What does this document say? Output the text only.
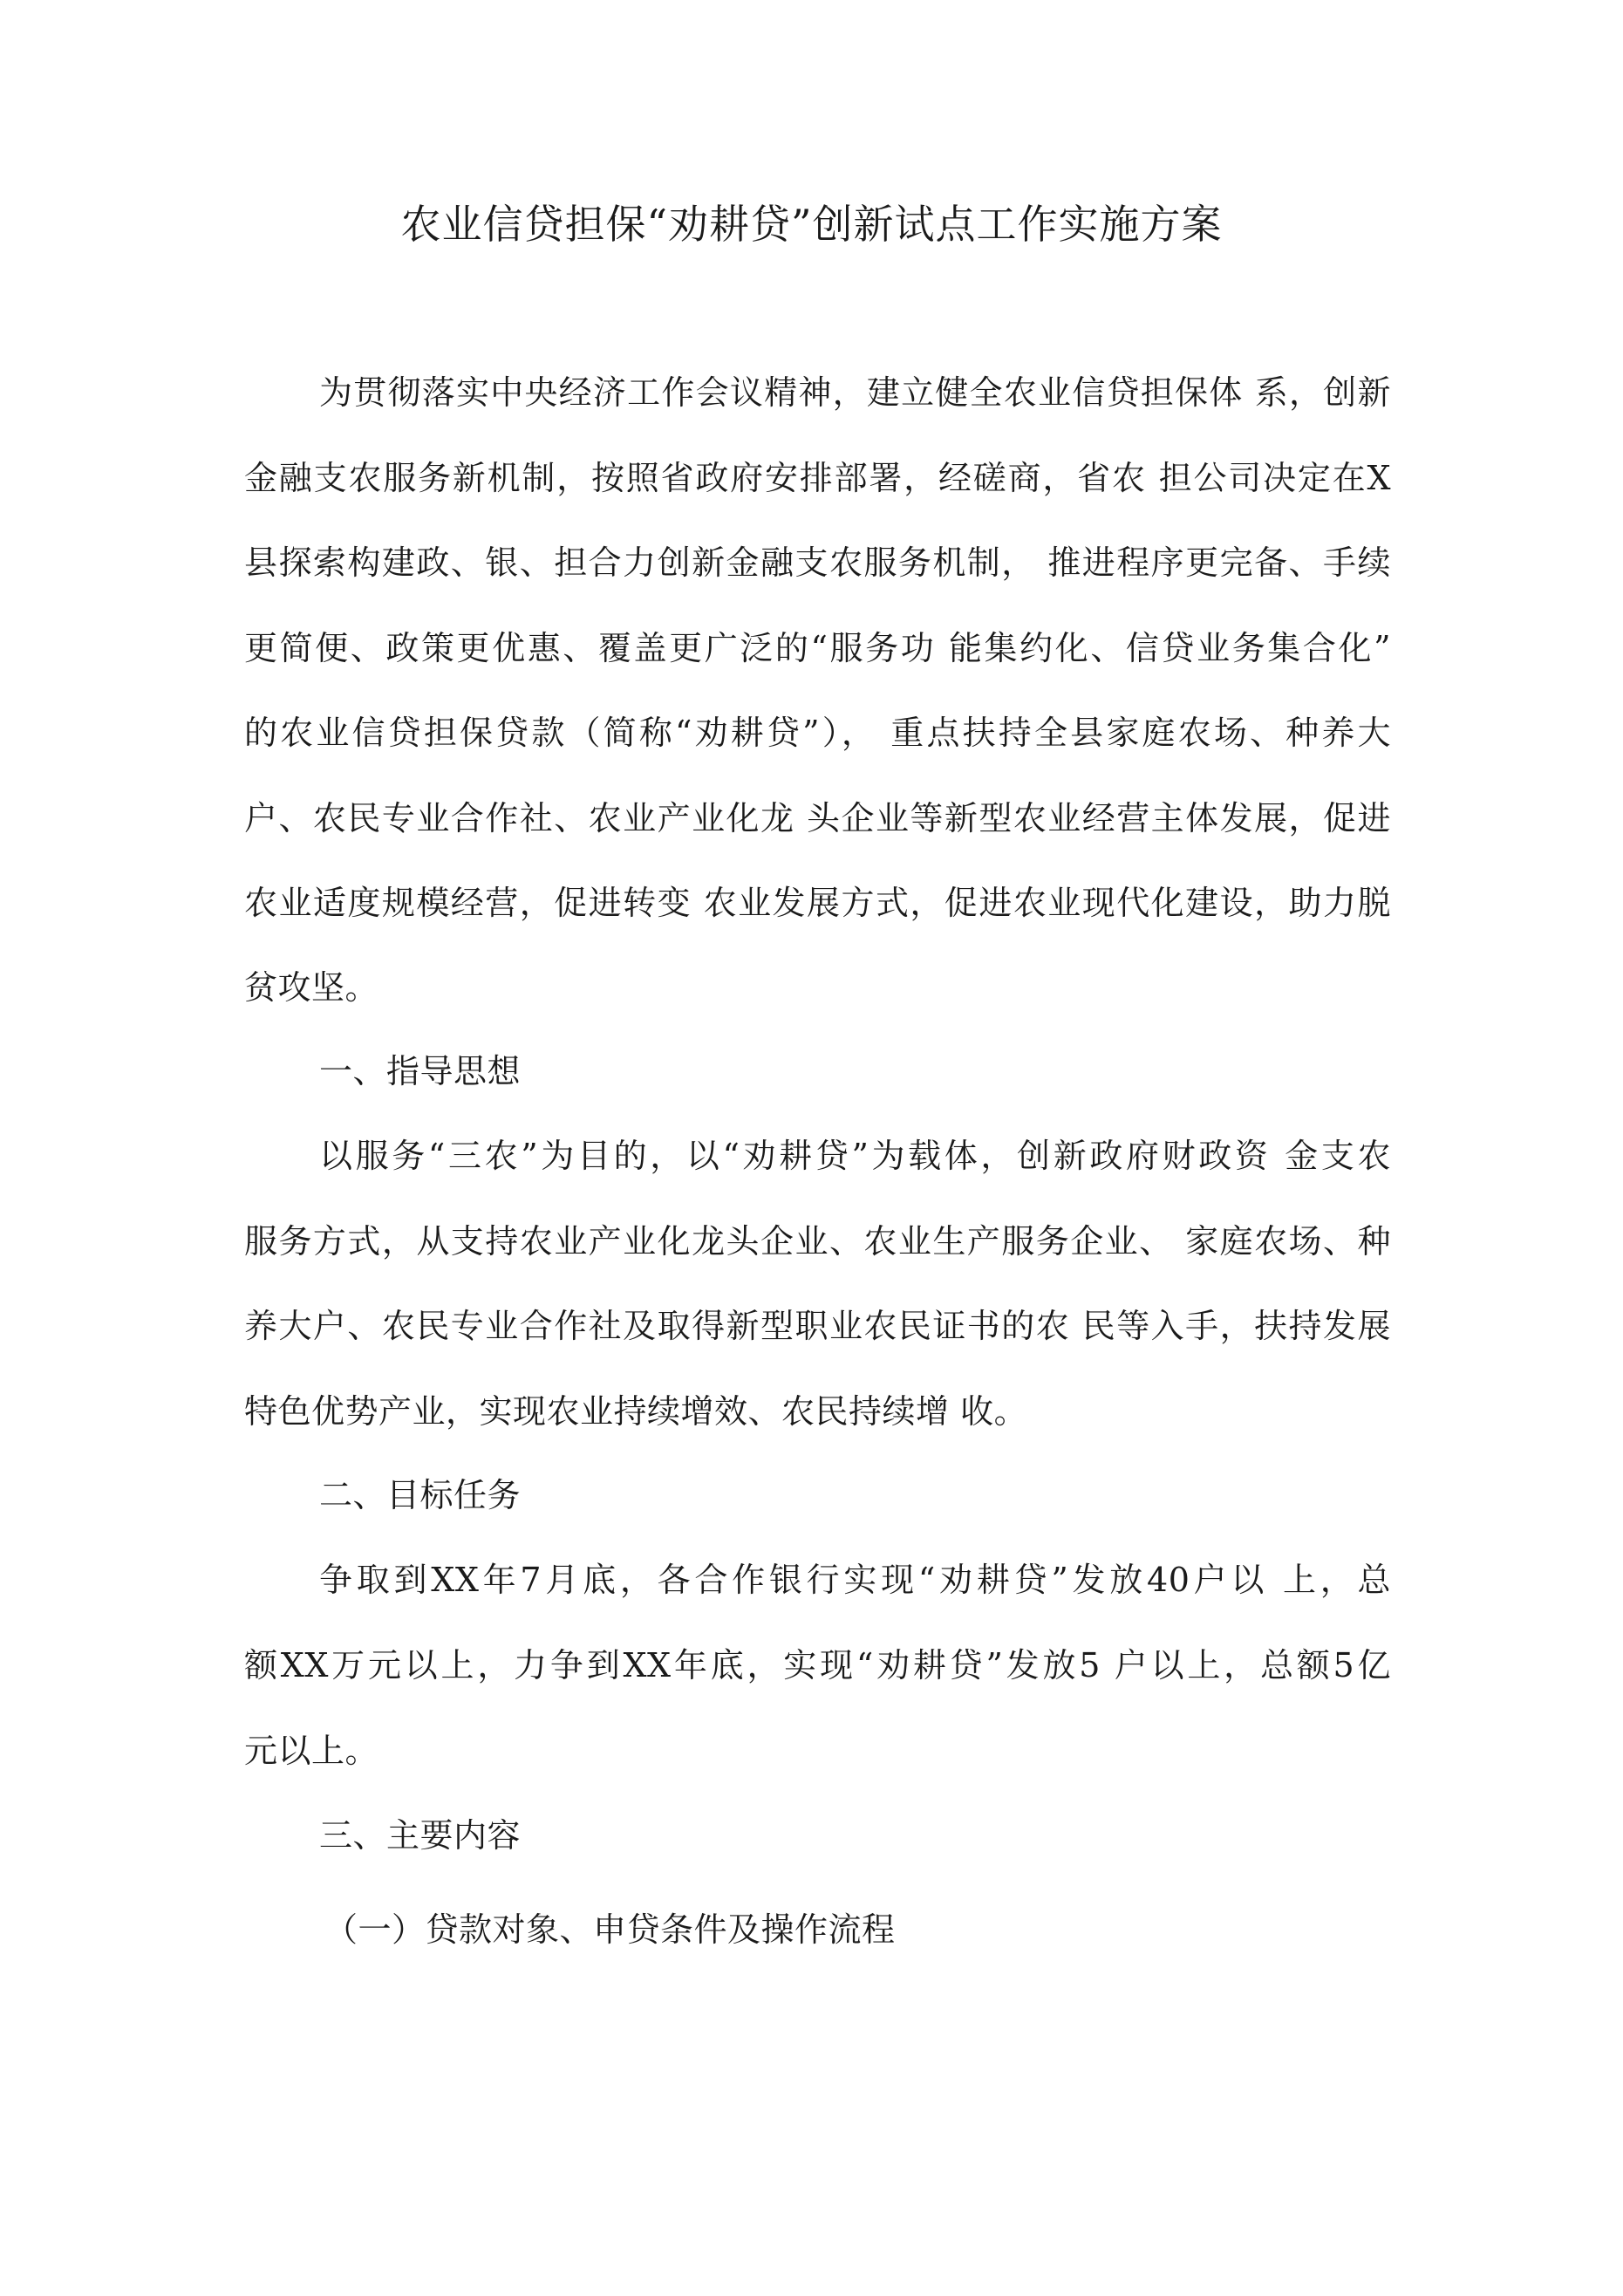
农业信贷担保“劝耕贷”创新试点工作实施方案
为贯彻落实中央经济工作会议精神，建立健全农业信贷担保体 系，创新
金融支农服务新机制，按照省政府安排部署，经磋商，省农 担公司决定在X
县探索构建政、银、担合力创新金融支农服务机制， 推进程序更完备、手续
更简便、政策更优惠、覆盖更广泛的“服务功 能集约化、信贷业务集合化”
的农业信贷担保贷款（简称“劝耕贷”）， 重点扶持全县家庭农场、种养大
户、农民专业合作社、农业产业化龙 头企业等新型农业经营主体发展，促进
农业适度规模经营，促进转变 农业发展方式，促进农业现代化建设，助力脱
贫攻坚。
一、指导思想
以服务“三农”为目的，以“劝耕贷”为载体，创新政府财政资 金支农
服务方式，从支持农业产业化龙头企业、农业生产服务企业、 家庭农场、种
养大户、农民专业合作社及取得新型职业农民证书的农 民等入手，扶持发展
特色优势产业，实现农业持续增效、农民持续增 收。
二、目标任务
争取到XX年7月底，各合作银行实现“劝耕贷”发放40户以 上，总
额XX万元以上，力争到XX年底，实现“劝耕贷”发放5 户以上，总额5亿
元以上。
三、主要内容
（一）贷款对象、申贷条件及操作流程
